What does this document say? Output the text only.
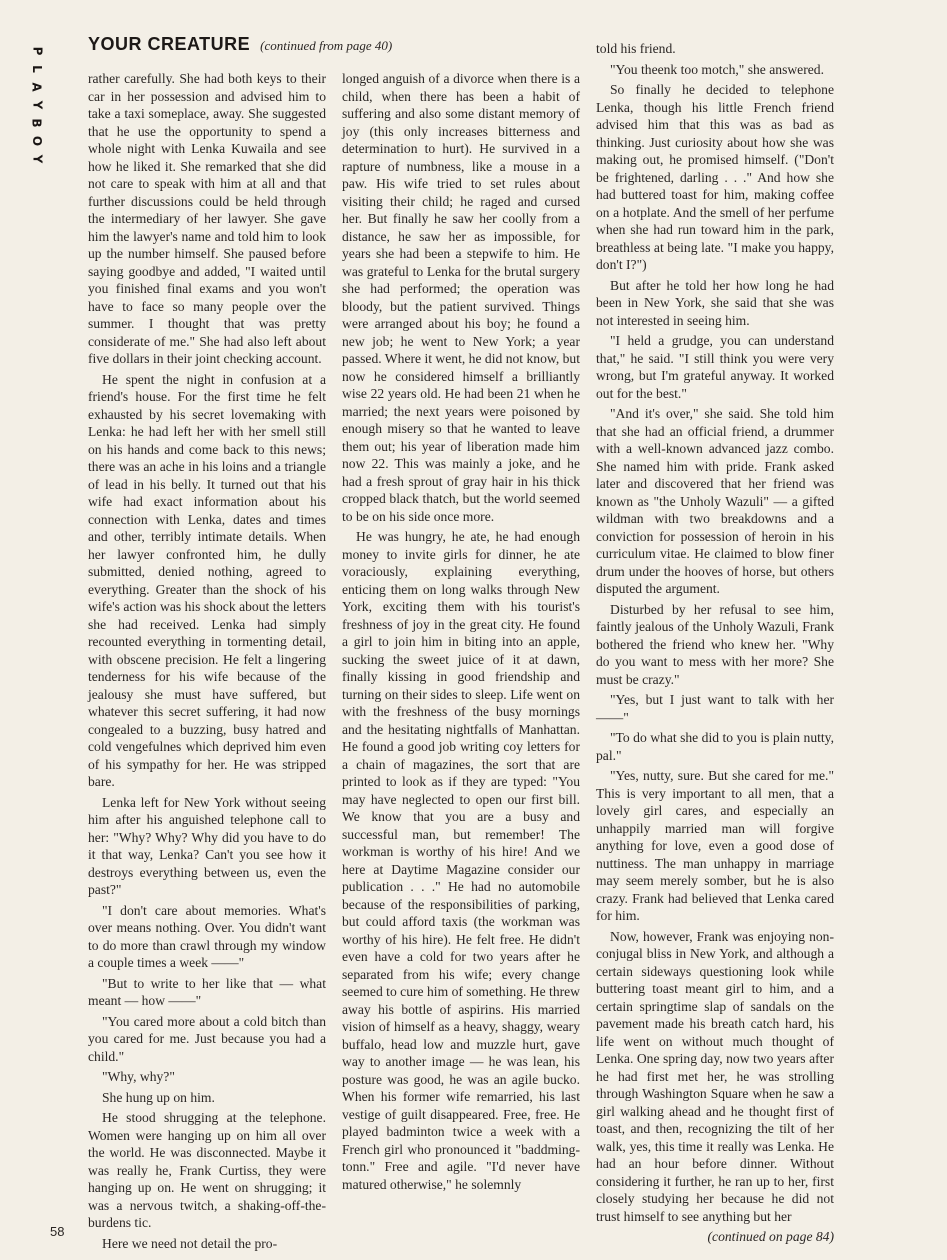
P
L
A
Y
B
O
Y
YOUR CREATURE (continued from page 40)

rather carefully. She had both keys to their car in her possession and advised him to take a taxi someplace, away. She suggested that he use the opportunity to spend a whole night with Lenka Kuwaila and see how he liked it. She remarked that she did not care to speak with him at all and that further discussions could be held through the intermediary of her lawyer. She gave him the lawyer's name and told him to look up the number himself. She paused before saying goodbye and added, "I waited until you finished final exams and you won't have to face so many people over the summer. I thought that was pretty considerate of me." She had also left about five dollars in their joint checking account.

He spent the night in confusion at a friend's house. For the first time he felt exhausted by his secret lovemaking with Lenka: he had left her with her smell still on his hands and come back to this news; there was an ache in his loins and a triangle of lead in his belly. It turned out that his wife had exact information about his connection with Lenka, dates and times and other, terribly intimate details. When her lawyer confronted him, he dully submitted, denied nothing, agreed to everything. Greater than the shock of his wife's action was his shock about the letters she had received. Lenka had simply recounted everything in tormenting detail, with obscene precision. He felt a lingering tenderness for his wife because of the jealousy she must have suffered, but whatever this secret suffering, it had now congealed to a buzzing, busy hatred and cold vengefulnes which deprived him even of his sympathy for her. He was stripped bare.

Lenka left for New York without seeing him after his anguished telephone call to her: "Why? Why? Why did you have to do it that way, Lenka? Can't you see how it destroys everything between us, even the past?"

"I don't care about memories. What's over means nothing. Over. You didn't want to do more than crawl through my window a couple times a week ——"

"But to write to her like that — what meant — how ——"

"You cared more about a cold bitch than you cared for me. Just because you had a child."

"Why, why?"

She hung up on him.

He stood shrugging at the telephone. Women were hanging up on him all over the world. He was disconnected. Maybe it was really he, Frank Curtiss, they were hanging up on. He went on shrugging; it was a nervous twitch, a shaking-off-the-burdens tic.

Here we need not detail the pro-

longed anguish of a divorce when there is a child, when there has been a habit of suffering and also some distant memory of joy (this only increases bitterness and determination to hurt). He survived in a rapture of numbness, like a mouse in a paw. His wife tried to set rules about visiting their child; he raged and cursed her. But finally he saw her coolly from a distance, he saw her as impossible, for years she had been a stepwife to him. He was grateful to Lenka for the brutal surgery she had performed; the operation was bloody, but the patient survived. Things were arranged about his boy; he found a new job; he went to New York; a year passed. Where it went, he did not know, but now he considered himself a brilliantly wise 22 years old. He had been 21 when he married; the next years were poisoned by enough misery so that he wanted to leave them out; his year of liberation made him now 22. This was mainly a joke, and he had a fresh sprout of gray hair in his thick cropped black thatch, but the world seemed to be on his side once more.

He was hungry, he ate, he had enough money to invite girls for dinner, he ate voraciously, explaining everything, enticing them on long walks through New York, exciting them with his tourist's freshness of joy in the great city. He found a girl to join him in biting into an apple, sucking the sweet juice of it at dawn, finally kissing in good friendship and turning on their sides to sleep. Life went on with the freshness of the busy mornings and the hesitating nightfalls of Manhattan. He found a good job writing coy letters for a chain of magazines, the sort that are printed to look as if they are typed: "You may have neglected to open our first bill. We know that you are a busy and successful man, but remember! The workman is worthy of his hire! And we here at Daytime Magazine consider our publication . . ." He had no automobile because of the responsibilities of parking, but could afford taxis (the workman was worthy of his hire). He felt free. He didn't even have a cold for two years after he separated from his wife; every change seemed to cure him of something. He threw away his bottle of aspirins. His married vision of himself as a heavy, shaggy, weary buffalo, head low and muzzle hurt, gave way to another image — he was lean, his posture was good, he was an agile bucko. When his former wife remarried, his last vestige of guilt disappeared. Free, free. He played badminton twice a week with a French girl who pronounced it "baddming-tonn." Free and agile. "I'd never have matured otherwise," he solemnly

told his friend.

"You theenk too motch," she answered.

So finally he decided to telephone Lenka, though his little French friend advised him that this was as bad as thinking. Just curiosity about how she was making out, he promised himself. ("Don't be frightened, darling . . ." And how she had buttered toast for him, making coffee on a hotplate. And the smell of her perfume when she had run toward him in the park, breathless at being late. "I make you happy, don't I?")

But after he told her how long he had been in New York, she said that she was not interested in seeing him.

"I held a grudge, you can understand that," he said. "I still think you were very wrong, but I'm grateful anyway. It worked out for the best."

"And it's over," she said. She told him that she had an official friend, a drummer with a well-known advanced jazz combo. She named him with pride. Frank asked later and discovered that her friend was known as "the Unholy Wazuli" — a gifted wildman with two breakdowns and a conviction for possession of heroin in his curriculum vitae. He claimed to blow finer drum under the hooves of horse, but others disputed the argument.

Disturbed by her refusal to see him, faintly jealous of the Unholy Wazuli, Frank bothered the friend who knew her. "Why do you want to mess with her more? She must be crazy."

"Yes, but I just want to talk with her ——"

"To do what she did to you is plain nutty, pal."

"Yes, nutty, sure. But she cared for me." This is very important to all men, that a lovely girl cares, and especially an unhappily married man will forgive anything for love, even a good dose of nuttiness. The man unhappy in marriage may seem merely somber, but he is also crazy. Frank had believed that Lenka cared for him.

Now, however, Frank was enjoying non-conjugal bliss in New York, and although a certain sideways questioning look while buttering toast meant girl to him, and a certain springtime slap of sandals on the pavement made his breath catch hard, his life went on without much thought of Lenka. One spring day, now two years after he had first met her, he was strolling through Washington Square when he saw a girl walking ahead and he thought first of toast, and then, recognizing the tilt of her walk, yes, this time it really was Lenka. He had an hour before dinner. Without considering it further, he ran up to her, first closely studying her because he did not trust himself to see anything but her

(continued on page 84)

58
